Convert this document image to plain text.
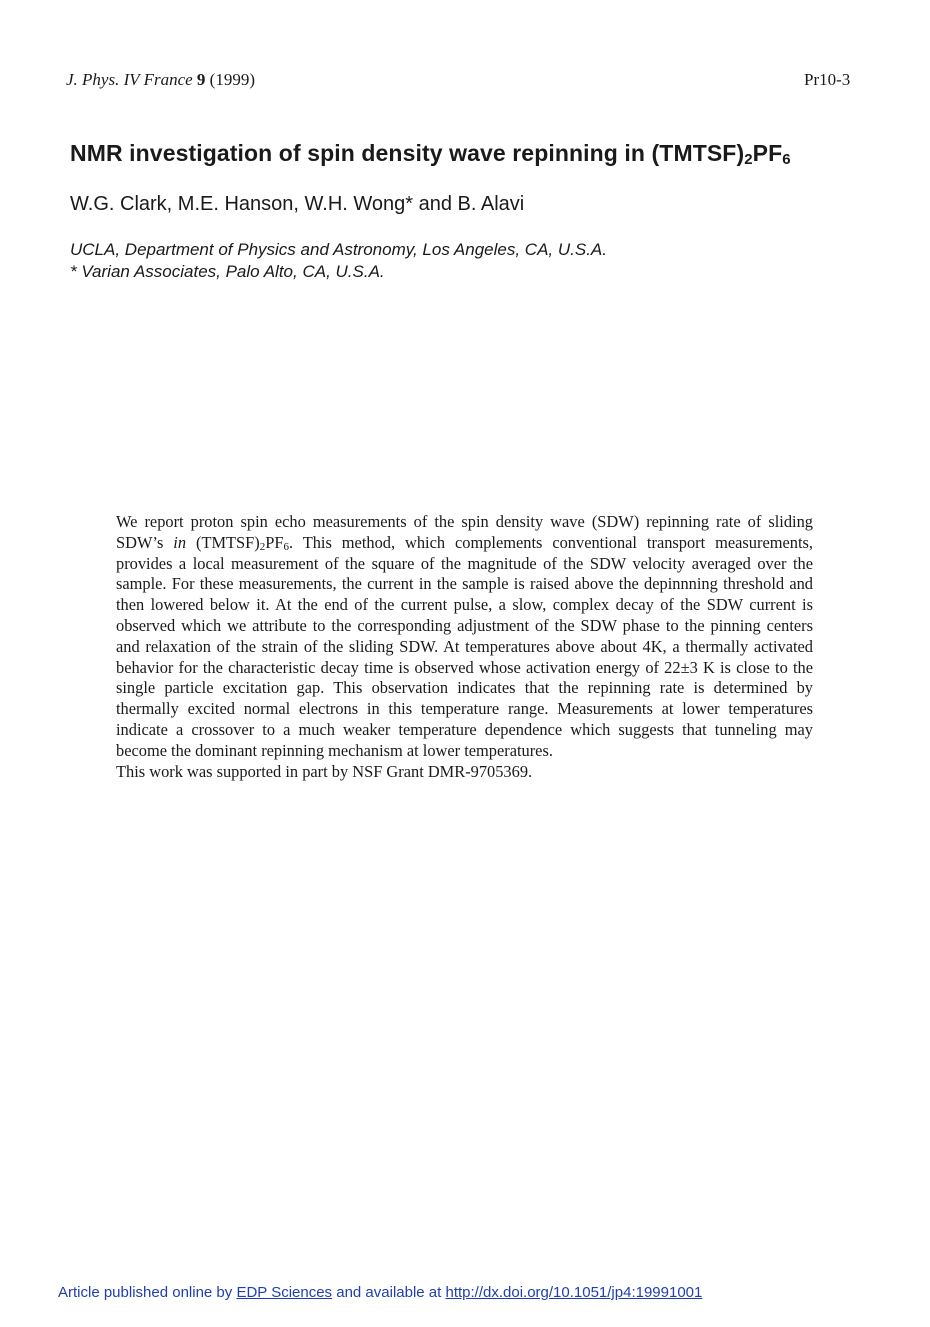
J. Phys. IV France 9 (1999)	Pr10-3
NMR investigation of spin density wave repinning in $(TMTSF)_2PF_6$
W.G. Clark, M.E. Hanson, W.H. Wong* and B. Alavi
UCLA, Department of Physics and Astronomy, Los Angeles, CA, U.S.A.
* Varian Associates, Palo Alto, CA, U.S.A.

We report proton spin echo measurements of the spin density wave (SDW) repinning rate of sliding SDW’s in $(TMTSF)_2PF_6$. This method, which complements conventional transport measurements, provides a local measurement of the square of the magnitude of the SDW velocity averaged over the sample. For these measurements, the current in the sample is raised above the depinnning threshold and then lowered below it. At the end of the current pulse, a slow, complex decay of the SDW current is observed which we attribute to the corresponding adjustment of the SDW phase to the pinning centers and relaxation of the strain of the sliding SDW. At temperatures above about 4K, a thermally activated behavior for the characteristic decay time is observed whose activation energy of 22±3 K is close to the single particle excitation gap. This observation indicates that the repinning rate is determined by thermally excited normal electrons in this temperature range. Measurements at lower temperatures indicate a crossover to a much weaker temperature dependence which suggests that tunneling may become the dominant repinning mechanism at lower temperatures.

This work was supported in part by NSF Grant DMR-9705369.

Article published online by EDP Sciences and available at http://dx.doi.org/10.1051/jp4:19991001
